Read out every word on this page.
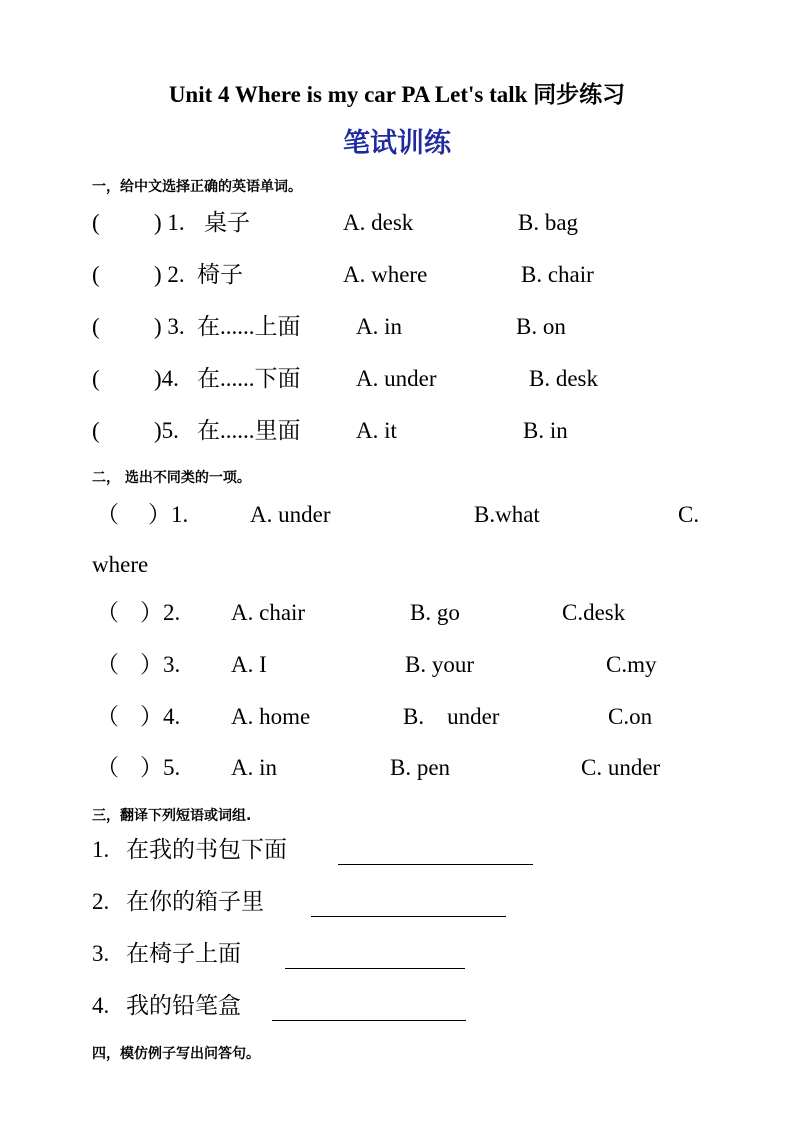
Unit 4 Where is my car PA Let's talk 同步练习
笔试训练
一，给中文选择正确的英语单词。
( ) 1. 桌子	A. desk	B. bag
( ) 2. 椅子	A. where	B. chair
( ) 3. 在......上面 A. in	B. on
( )4. 在......下面 A. under	B. desk
( )5. 在......里面 A. it	B. in
二， 选出不同类的一项。
（ ）1.	A. under	B.what	C.
where
（ ）2. A. chair	B. go	C.desk
（ ）3. A. I	B. your	C.my
（ ）4. A. home	B.    under	C.on
（ ）5. A. in	B. pen	C. under
三，翻译下列短语或词组.
1. 在我的书包下面
2. 在你的箱子里
3. 在椅子上面
4. 我的铅笔盒
四，模仿例子写出问答句。
